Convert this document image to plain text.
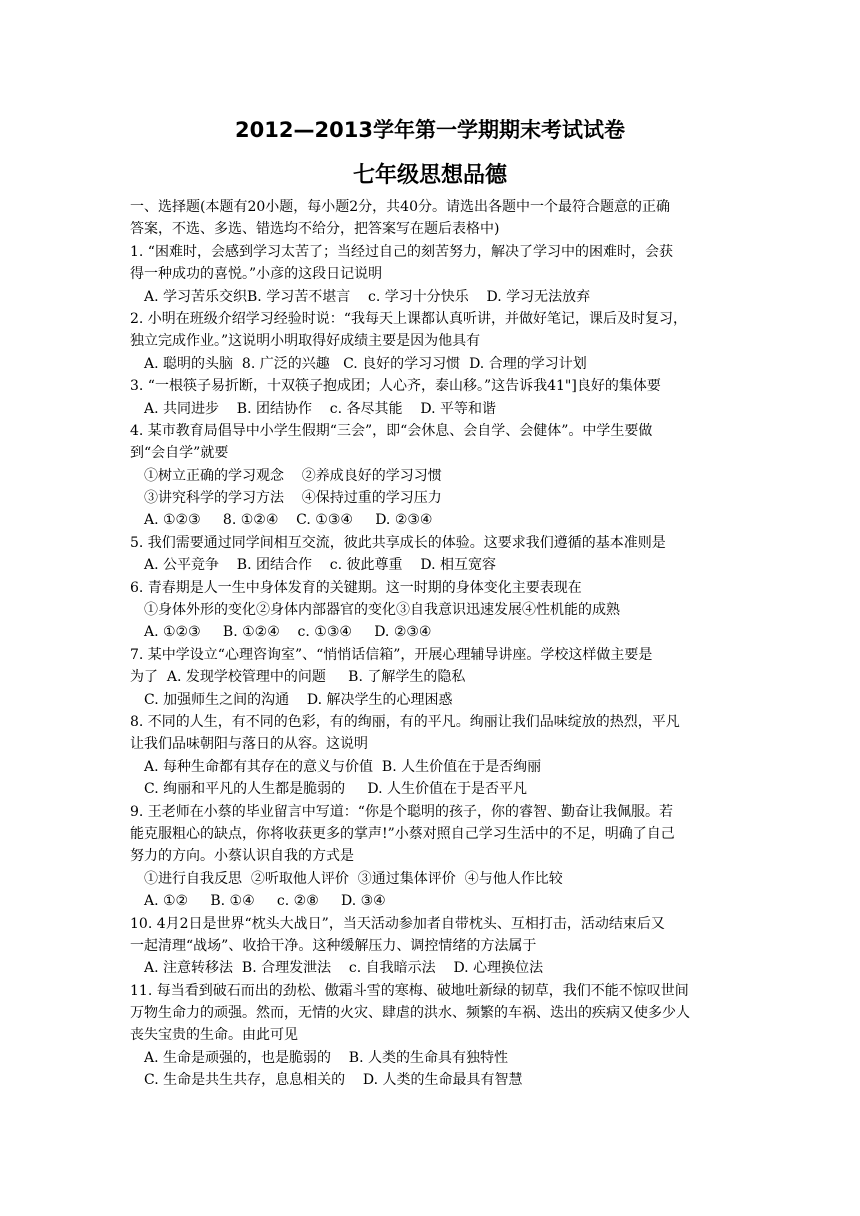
2012—2013学年第一学期期末考试试卷
七年级思想品德
一、选择题(本题有20小题，每小题2分，共40分。请选出各题中一个最符合题意的正确
答案，不选、多选、错选均不给分，把答案写在题后表格中)
1. “困难时，会感到学习太苦了；当经过自己的刻苦努力，解决了学习中的困难时，会获
得一种成功的喜悦。”小彦的这段日记说明
A. 学习苦乐交织B. 学习苦不堪言    c. 学习十分快乐    D. 学习无法放弃
2. 小明在班级介绍学习经验时说：“我每天上课都认真听讲，并做好笔记，课后及时复习，
独立完成作业。”这说明小明取得好成绩主要是因为他具有
A. 聪明的头脑  8. 广泛的兴趣   C. 良好的学习习惯  D. 合理的学习计划
3. “一根筷子易折断，十双筷子抱成团；人心齐，泰山移。”这告诉我41"]良好的集体要
A. 共同进步    B. 团结协作    c. 各尽其能    D. 平等和谐
4. 某市教育局倡导中小学生假期“三会”，即“会休息、会自学、会健体”。中学生要做
到“会自学”就要
①树立正确的学习观念    ②养成良好的学习习惯
③讲究科学的学习方法    ④保持过重的学习压力
A. ①②③     8. ①②④    C. ①③④     D. ②③④
5. 我们需要通过同学间相互交流，彼此共享成长的体验。这要求我们遵循的基本准则是
A. 公平竞争    B. 团结合作    c. 彼此尊重    D. 相互宽容
6. 青春期是人一生中身体发育的关键期。这一时期的身体变化主要表现在
①身体外形的变化②身体内部器官的变化③自我意识迅速发展④性机能的成熟
A. ①②③     B. ①②④    c. ①③④     D. ②③④
7. 某中学设立“心理咨询室”、“悄悄话信箱”，开展心理辅导讲座。学校这样做主要是
为了  A. 发现学校管理中的问题     B. 了解学生的隐私
C. 加强师生之间的沟通    D. 解决学生的心理困惑
8. 不同的人生，有不同的色彩，有的绚丽，有的平凡。绚丽让我们品味绽放的热烈，平凡
让我们品味朝阳与落日的从容。这说明
A. 每种生命都有其存在的意义与价值  B. 人生价值在于是否绚丽
C. 绚丽和平凡的人生都是脆弱的     D. 人生价值在于是否平凡
9. 王老师在小蔡的毕业留言中写道：“你是个聪明的孩子，你的睿智、勤奋让我佩服。若
能克服粗心的缺点，你将收获更多的掌声!”小蔡对照自己学习生活中的不足，明确了自己
努力的方向。小蔡认识自我的方式是
①进行自我反思  ②听取他人评价  ③通过集体评价  ④与他人作比较
A. ①②     B. ①④     c. ②⑧     D. ③④
10. 4月2日是世界“枕头大战日”，当天活动参加者自带枕头、互相打击，活动结束后又
一起清理“战场”、收拾干净。这种缓解压力、调控情绪的方法属于
A. 注意转移法  B. 合理发泄法    c. 自我暗示法    D. 心理换位法
11. 每当看到破石而出的劲松、傲霜斗雪的寒梅、破地吐新绿的韧草，我们不能不惊叹世间
万物生命力的顽强。然而，无情的火灾、肆虐的洪水、频繁的车祸、迭出的疾病又使多少人
丧失宝贵的生命。由此可见
A. 生命是顽强的，也是脆弱的    B. 人类的生命具有独特性
C. 生命是共生共存，息息相关的    D. 人类的生命最具有智慧
